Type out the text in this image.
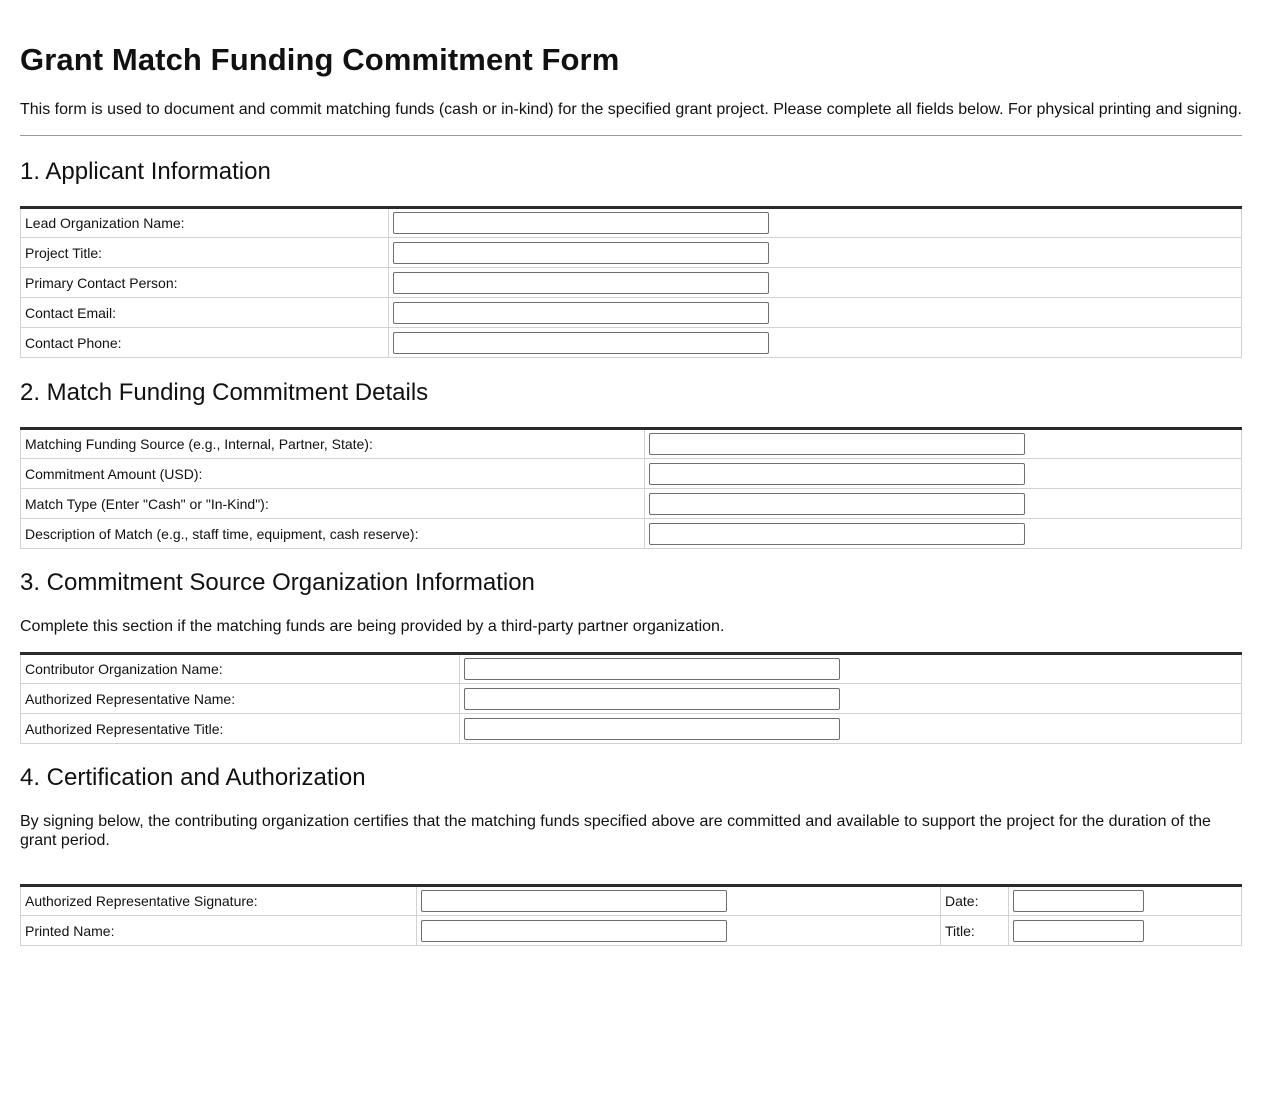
Grant Match Funding Commitment Form

This form is used to document and commit matching funds (cash or in-kind) for the specified grant project. Please complete all fields below. For physical printing and signing.

1. Applicant Information
Lead Organization Name:	

Project Title:	

Primary Contact Person:	

Contact Email:	

Contact Phone:	
2. Match Funding Commitment Details
Matching Funding Source (e.g., Internal, Partner, State):	

Commitment Amount (USD):	

Match Type (Enter "Cash" or "In-Kind"):	

Description of Match (e.g., staff time, equipment, cash reserve):	
3. Commitment Source Organization Information

Complete this section if the matching funds are being provided by a third-party partner organization.

Contributor Organization Name:	

Authorized Representative Name:	

Authorized Representative Title:	
4. Certification and Authorization

By signing below, the contributing organization certifies that the matching funds specified above are committed and available to support the project for the duration of the grant period.

Authorized Representative Signature:		Date:	

Printed Name:		Title:	
